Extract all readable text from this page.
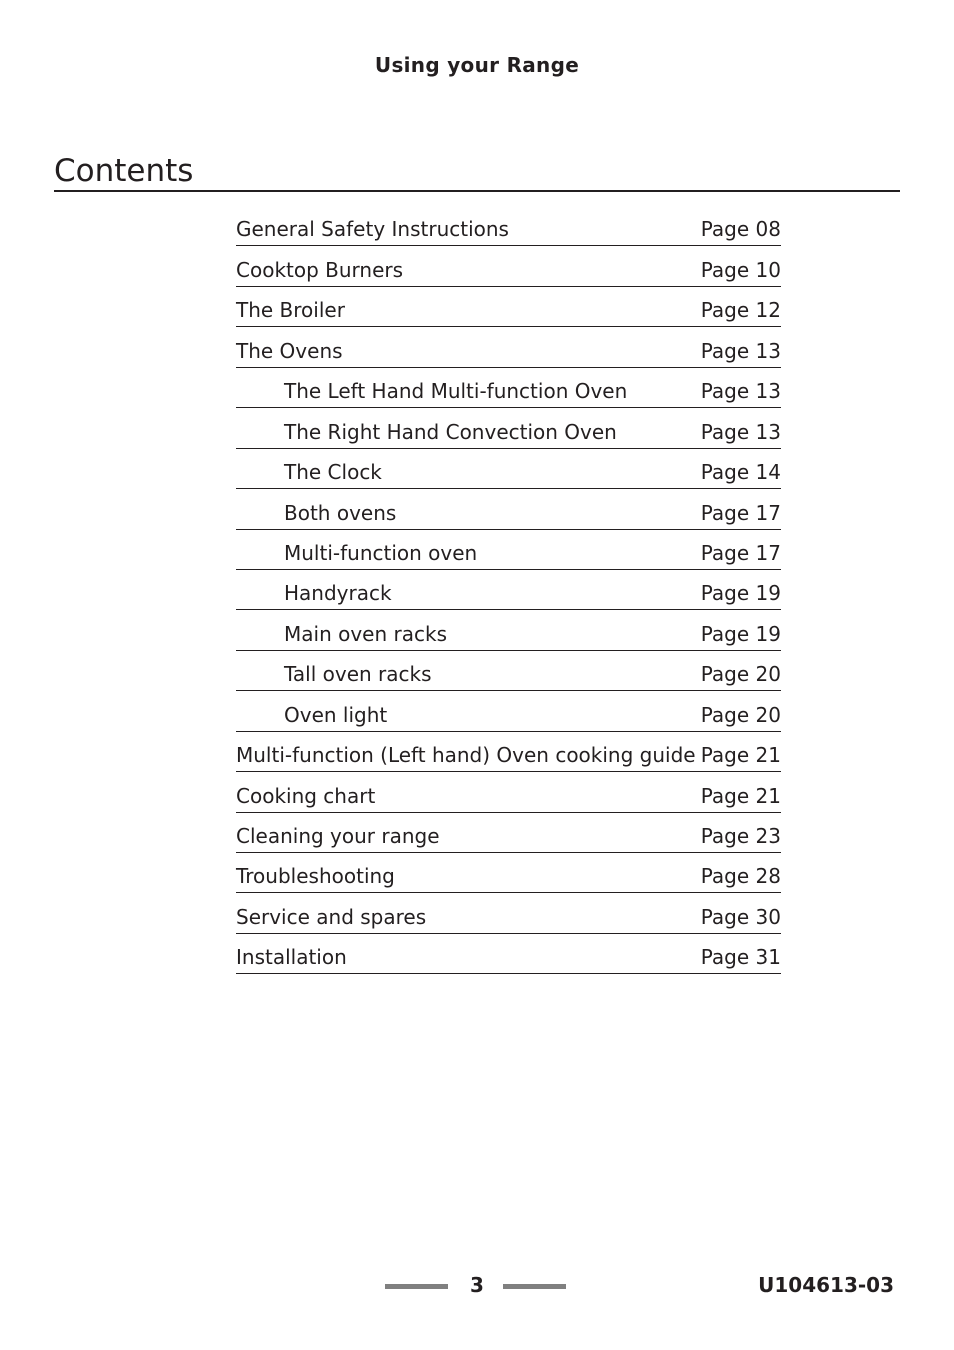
Using your Range
Contents
General Safety Instructions	Page 08
Cooktop Burners	Page 10
The Broiler	Page 12
The Ovens	Page 13
The Left Hand Multi-function Oven	Page 13
The Right Hand Convection Oven	Page 13
The Clock	Page 14
Both ovens	Page 17
Multi-function oven	Page 17
Handyrack	Page 19
Main oven racks	Page 19
Tall oven racks	Page 20
Oven light	Page 20
Multi-function (Left hand) Oven cooking guide Page 21
Cooking chart	Page 21
Cleaning your range	Page 23
Troubleshooting	Page 28
Service and spares	Page 30
Installation	Page 31
3	U104613-03
